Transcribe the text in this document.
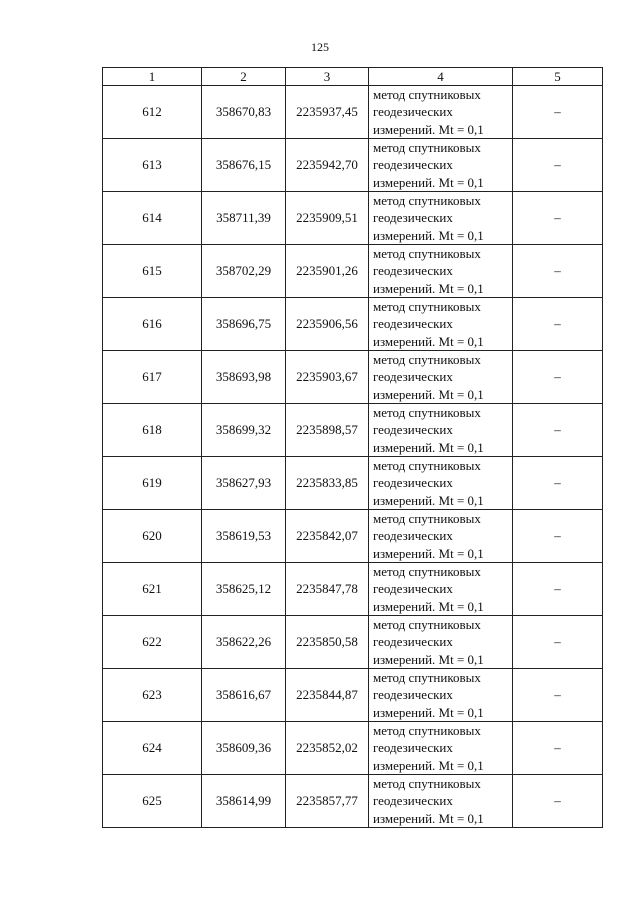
125
1	2	3	4	5
612	358670,83	2235937,45	метод спутниковых
геодезических
измерений. Mt = 0,1	–
613	358676,15	2235942,70	метод спутниковых
геодезических
измерений. Mt = 0,1	–
614	358711,39	2235909,51	метод спутниковых
геодезических
измерений. Mt = 0,1	–
615	358702,29	2235901,26	метод спутниковых
геодезических
измерений. Mt = 0,1	–
616	358696,75	2235906,56	метод спутниковых
геодезических
измерений. Mt = 0,1	–
617	358693,98	2235903,67	метод спутниковых
геодезических
измерений. Mt = 0,1	–
618	358699,32	2235898,57	метод спутниковых
геодезических
измерений. Mt = 0,1	–
619	358627,93	2235833,85	метод спутниковых
геодезических
измерений. Mt = 0,1	–
620	358619,53	2235842,07	метод спутниковых
геодезических
измерений. Mt = 0,1	–
621	358625,12	2235847,78	метод спутниковых
геодезических
измерений. Mt = 0,1	–
622	358622,26	2235850,58	метод спутниковых
геодезических
измерений. Mt = 0,1	–
623	358616,67	2235844,87	метод спутниковых
геодезических
измерений. Mt = 0,1	–
624	358609,36	2235852,02	метод спутниковых
геодезических
измерений. Mt = 0,1	–
625	358614,99	2235857,77	метод спутниковых
геодезических
измерений. Mt = 0,1	–
